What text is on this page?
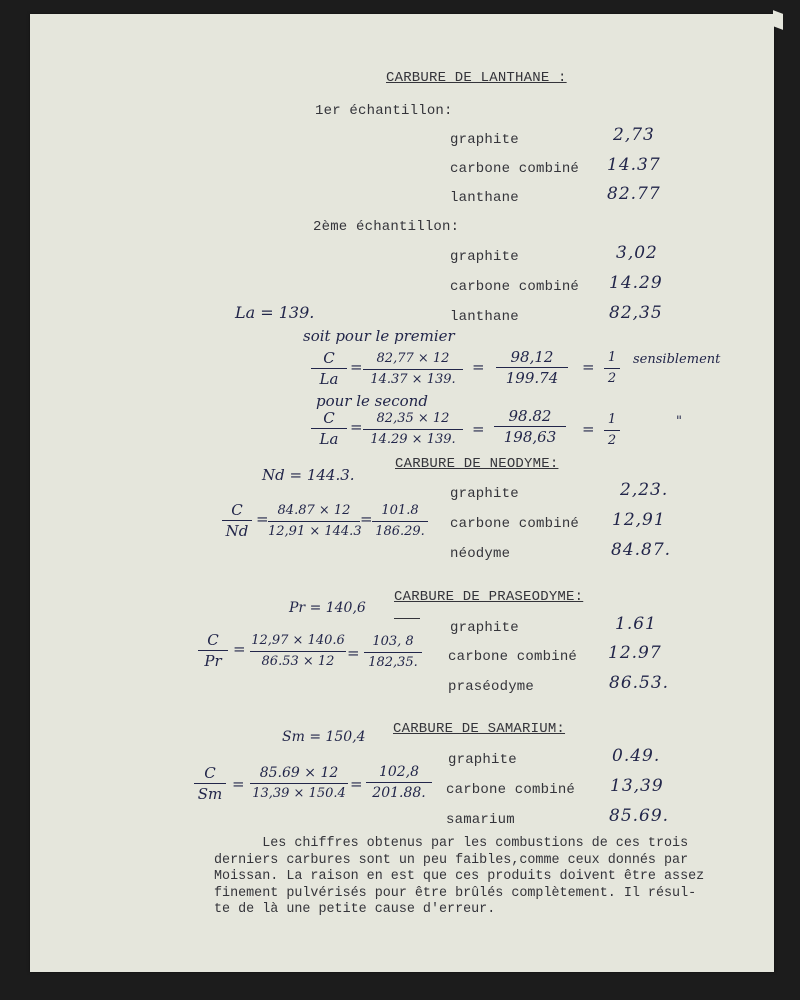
CARBURE DE LANTHANE :
1er échantillon:
graphite	2,73
carbone combiné 14.37
lanthane	82.77
2ème échantillon:
graphite	3,02
carbone combiné 14.29
lanthane	82,35
La = 139.
soit pour le premier
C
La
=	82,77 × 12
14.37 × 139.
=
98,12
199.74
=
1
2
sensiblement
pour le second
C
La
=	82,35 × 12
14.29 × 139.
=
98.82
198,63	=
1
2
"
CARBURE DE NEODYME:
Nd = 144.3.
graphite	2,23.
carbone combiné 12,91
néodyme	84.87.
C
Nd
= 84.87 × 12
12,91 × 144.3
= 101.8
186.29.
CARBURE DE PRASEODYME:
Pr = 140,6
graphite	1.61
carbone combiné 12.97
praséodyme	86.53.
C
Pr
= 12,97 × 140.6
86.53 × 12 =
103, 8
182,35.
CARBURE DE SAMARIUM:
Sm = 150,4
graphite	0.49.
carbone combiné 13,39
samarium	85.69.
C
Sm
=
85.69 × 12
13,39 × 150.4
=
102,8
201.88.
Les chiffres obtenus par les combustions de ces trois
derniers carbures sont un peu faibles,comme ceux donnés par
Moissan. La raison en est que ces produits doivent être assez
finement pulvérisés pour être brûlés complètement. Il résul-
te de là une petite cause d'erreur.
